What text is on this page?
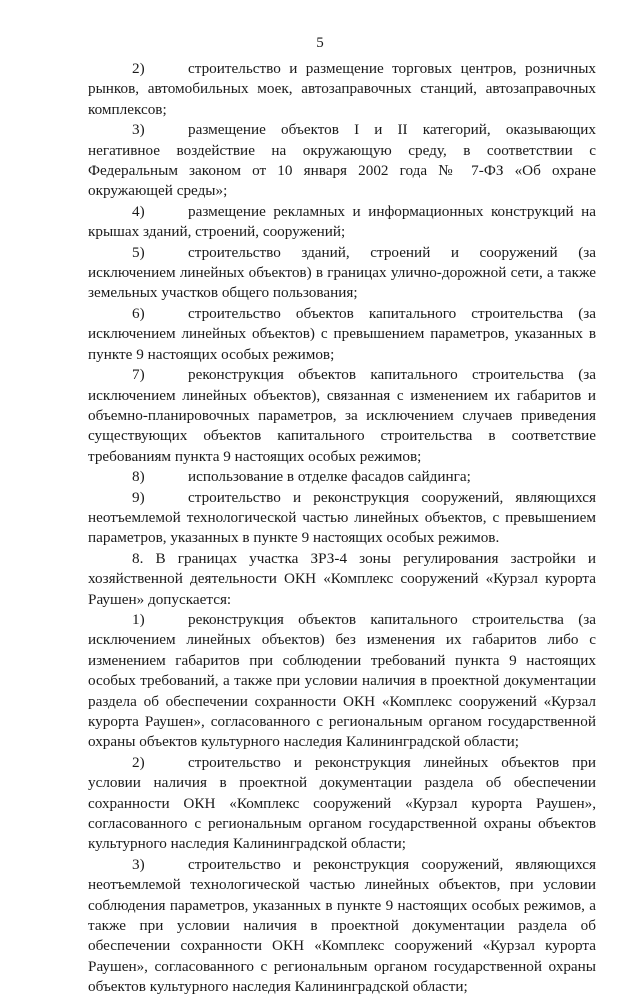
5

2)	строительство и размещение торговых центров, розничных рынков, автомобильных моек, автозаправочных станций, автозаправочных комплексов;

3)	размещение объектов I и II категорий, оказывающих негативное воздействие на окружающую среду, в соответствии с Федеральным законом от 10 января 2002 года № 7-ФЗ «Об охране окружающей среды»;

4)	размещение рекламных и информационных конструкций на крышах зданий, строений, сооружений;

5)	строительство зданий, строений и сооружений (за исключением линейных объектов) в границах улично-дорожной сети, а также земельных участков общего пользования;

6)	строительство объектов капитального строительства (за исключением линейных объектов) с превышением параметров, указанных в пункте 9 настоящих особых режимов;

7)	реконструкция объектов капитального строительства (за исключением линейных объектов), связанная с изменением их габаритов и объемно-планировочных параметров, за исключением случаев приведения существующих объектов капитального строительства в соответствие требованиям пункта 9 настоящих особых режимов;

8)	использование в отделке фасадов сайдинга;

9)	строительство и реконструкция сооружений, являющихся неотъемлемой технологической частью линейных объектов, с превышением параметров, указанных в пункте 9 настоящих особых режимов.

8. В границах участка ЗРЗ-4 зоны регулирования застройки и хозяйственной деятельности ОКН «Комплекс сооружений «Курзал курорта Раушен» допускается:

1)	реконструкция объектов капитального строительства (за исключением линейных объектов) без изменения их габаритов либо с изменением габаритов при соблюдении требований пункта 9 настоящих особых требований, а также при условии наличия в проектной документации раздела об обеспечении сохранности ОКН «Комплекс сооружений «Курзал курорта Раушен», согласованного с региональным органом государственной охраны объектов культурного наследия Калининградской области;

2)	строительство и реконструкция линейных объектов при условии наличия в проектной документации раздела об обеспечении сохранности ОКН «Комплекс сооружений «Курзал курорта Раушен», согласованного с региональным органом государственной охраны объектов культурного наследия Калининградской области;

3)	строительство и реконструкция сооружений, являющихся неотъемлемой технологической частью линейных объектов, при условии соблюдения параметров, указанных в пункте 9 настоящих особых режимов, а также при условии наличия в проектной документации раздела об обеспечении сохранности ОКН «Комплекс сооружений «Курзал курорта Раушен», согласованного с региональным органом государственной охраны объектов культурного наследия Калининградской области;
